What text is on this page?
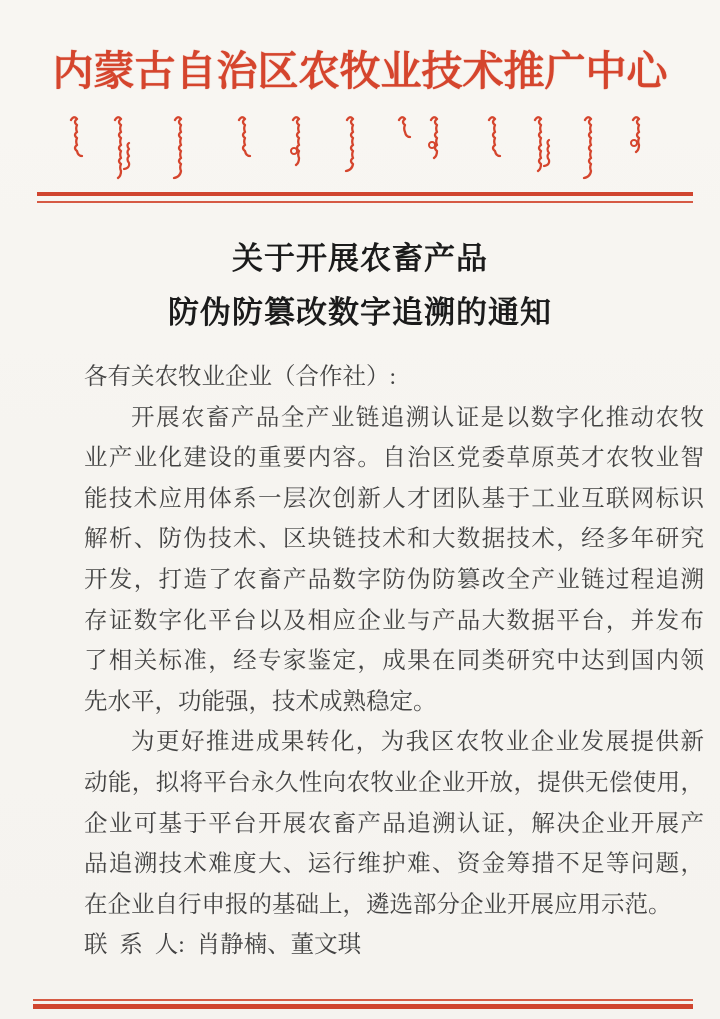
内蒙古自治区农牧业技术推广中心
关于开展农畜产品
防伪防篡改数字追溯的通知
各有关农牧业企业（合作社）:
开展农畜产品全产业链追溯认证是以数字化推动农牧
业产业化建设的重要内容。自治区党委草原英才农牧业智
能技术应用体系一层次创新人才团队基于工业互联网标识
解析、防伪技术、区块链技术和大数据技术，经多年研究
开发，打造了农畜产品数字防伪防篡改全产业链过程追溯
存证数字化平台以及相应企业与产品大数据平台，并发布
了相关标准，经专家鉴定，成果在同类研究中达到国内领
先水平，功能强，技术成熟稳定。
为更好推进成果转化，为我区农牧业企业发展提供新
动能，拟将平台永久性向农牧业企业开放，提供无偿使用，
企业可基于平台开展农畜产品追溯认证，解决企业开展产
品追溯技术难度大、运行维护难、资金筹措不足等问题，
在企业自行申报的基础上，遴选部分企业开展应用示范。
联 系 人: 肖静楠、董文琪
